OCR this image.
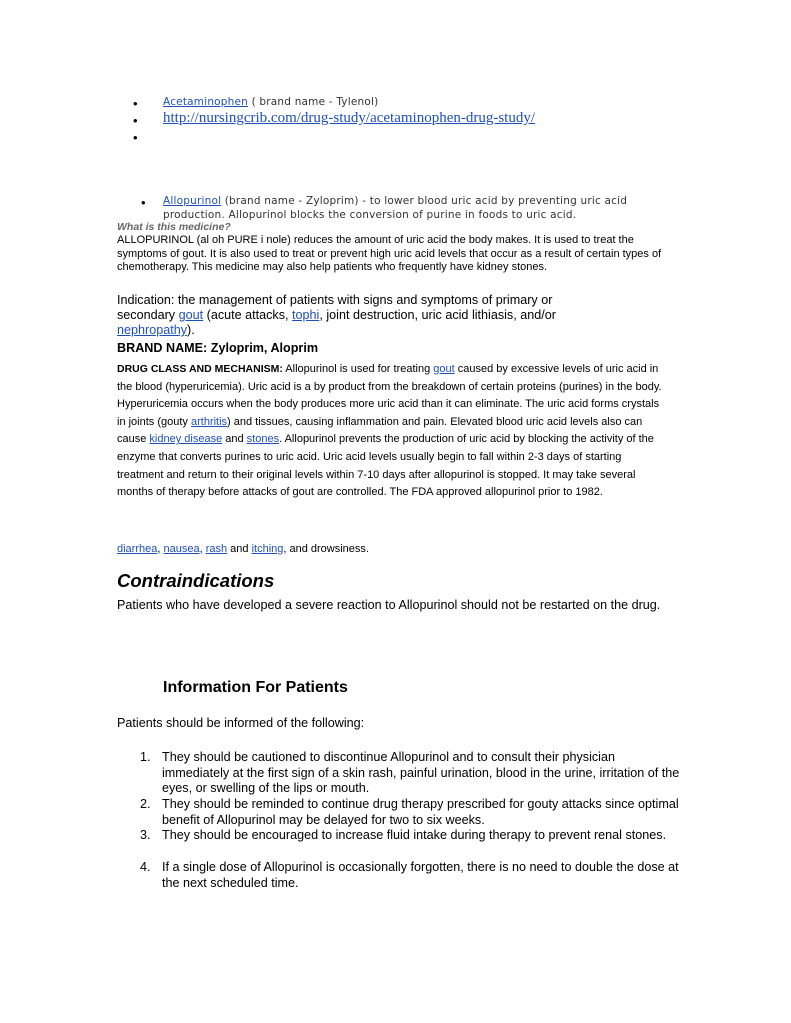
• Acetaminophen ( brand name - Tylenol)
• http://nursingcrib.com/drug-study/acetaminophen-drug-study/
•
• Allopurinol (brand name - Zyloprim) - to lower blood uric acid by preventing uric acid production. Allopurinol blocks the conversion of purine in foods to uric acid.
What is this medicine?
ALLOPURINOL (al oh PURE i nole) reduces the amount of uric acid the body makes. It is used to treat the symptoms of gout. It is also used to treat or prevent high uric acid levels that occur as a result of certain types of chemotherapy. This medicine may also help patients who frequently have kidney stones.
Indication: the management of patients with signs and symptoms of primary or secondary gout (acute attacks, tophi, joint destruction, uric acid lithiasis, and/or nephropathy).
BRAND NAME: Zyloprim, Aloprim
DRUG CLASS AND MECHANISM: Allopurinol is used for treating gout caused by excessive levels of uric acid in the blood (hyperuricemia). Uric acid is a by product from the breakdown of certain proteins (purines) in the body. Hyperuricemia occurs when the body produces more uric acid than it can eliminate. The uric acid forms crystals in joints (gouty arthritis) and tissues, causing inflammation and pain. Elevated blood uric acid levels also can cause kidney disease and stones. Allopurinol prevents the production of uric acid by blocking the activity of the enzyme that converts purines to uric acid. Uric acid levels usually begin to fall within 2-3 days of starting treatment and return to their original levels within 7-10 days after allopurinol is stopped. It may take several months of therapy before attacks of gout are controlled. The FDA approved allopurinol prior to 1982.
diarrhea, nausea, rash and itching, and drowsiness.
Contraindications
Patients who have developed a severe reaction to Allopurinol should not be restarted on the drug.
Information For Patients
Patients should be informed of the following:
1. They should be cautioned to discontinue Allopurinol and to consult their physician immediately at the first sign of a skin rash, painful urination, blood in the urine, irritation of the eyes, or swelling of the lips or mouth.
2. They should be reminded to continue drug therapy prescribed for gouty attacks since optimal benefit of Allopurinol may be delayed for two to six weeks.
3. They should be encouraged to increase fluid intake during therapy to prevent renal stones.
4. If a single dose of Allopurinol is occasionally forgotten, there is no need to double the dose at the next scheduled time.
